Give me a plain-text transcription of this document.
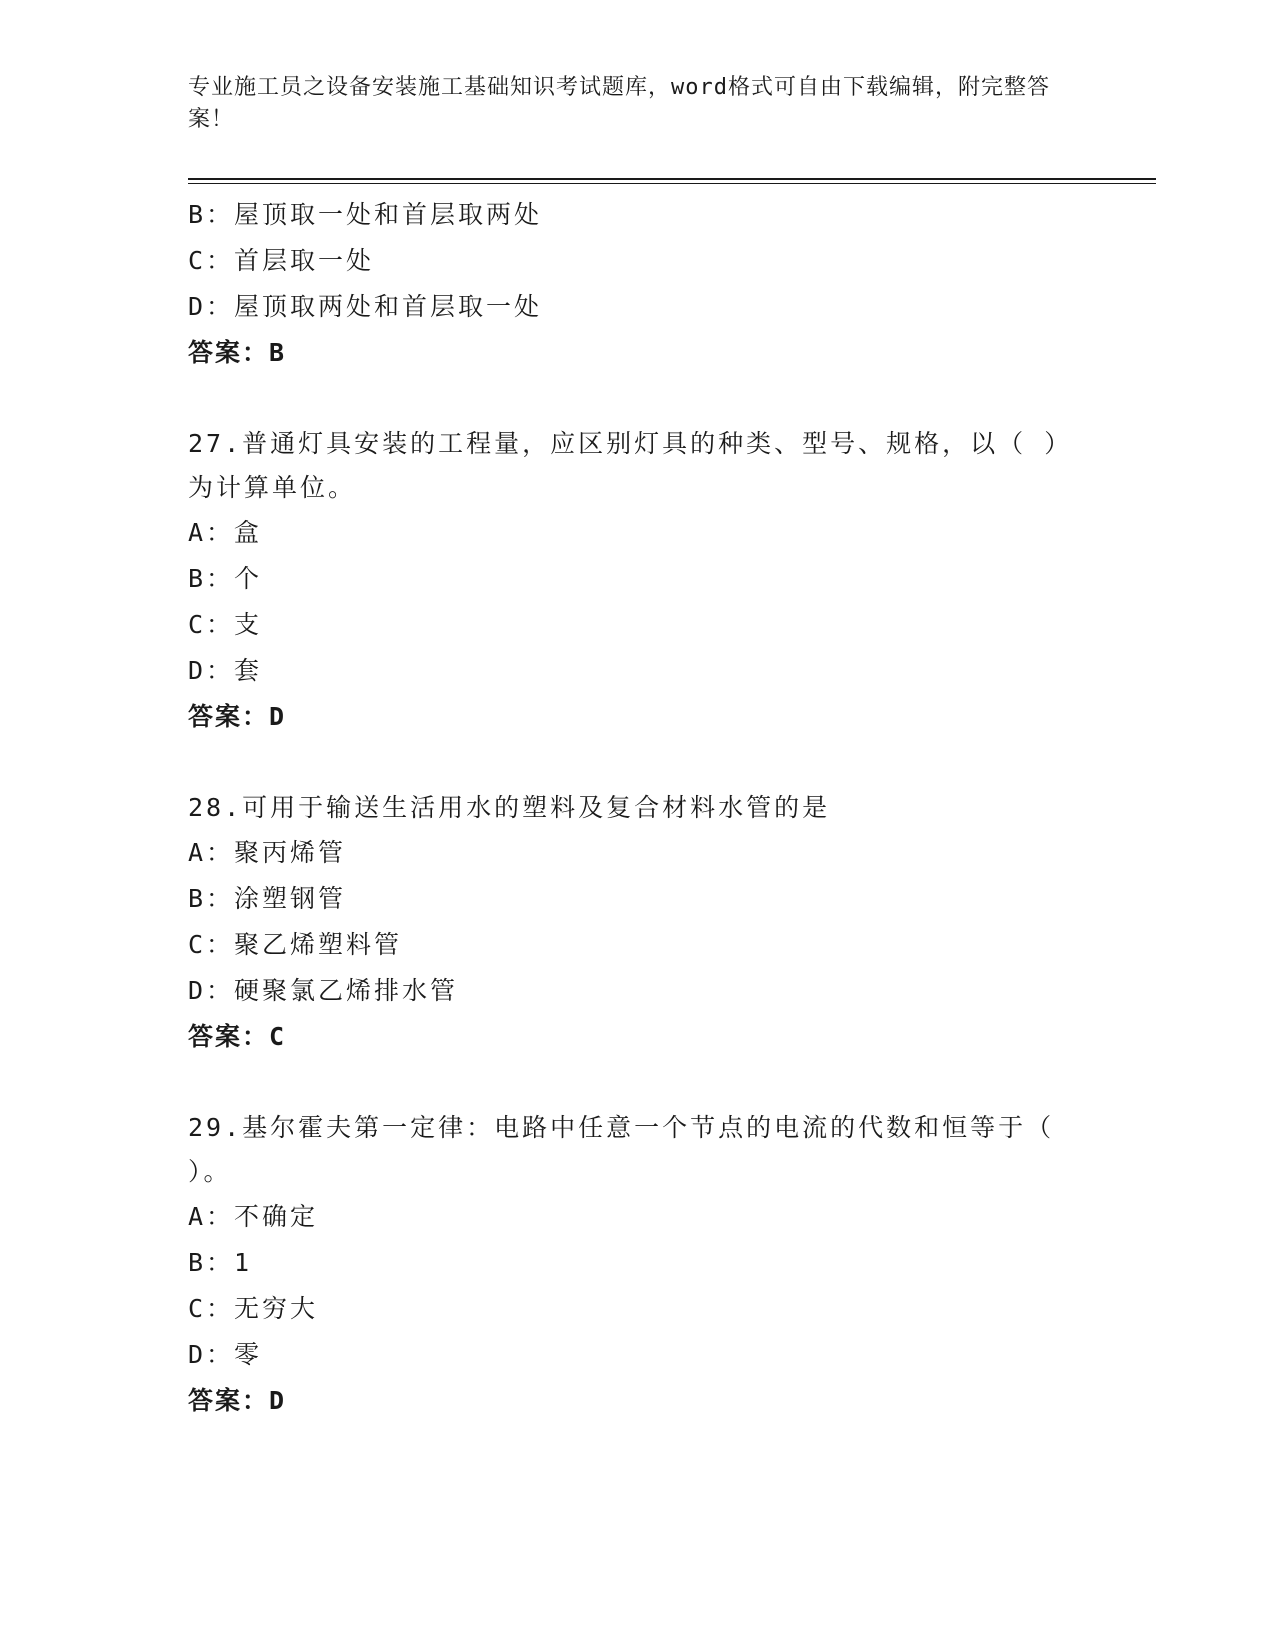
专业施工员之设备安装施工基础知识考试题库，word格式可自由下载编辑，附完整答案！
B：屋顶取一处和首层取两处
C：首层取一处
D：屋顶取两处和首层取一处
答案：B
27.普通灯具安装的工程量，应区别灯具的种类、型号、规格，以（ ）为计算单位。
A：盒
B：个
C：支
D：套
答案：D
28.可用于输送生活用水的塑料及复合材料水管的是
A：聚丙烯管
B：涂塑钢管
C：聚乙烯塑料管
D：硬聚氯乙烯排水管
答案：C
29.基尔霍夫第一定律：电路中任意一个节点的电流的代数和恒等于（ ）。
A：不确定
B：1
C：无穷大
D：零
答案：D
